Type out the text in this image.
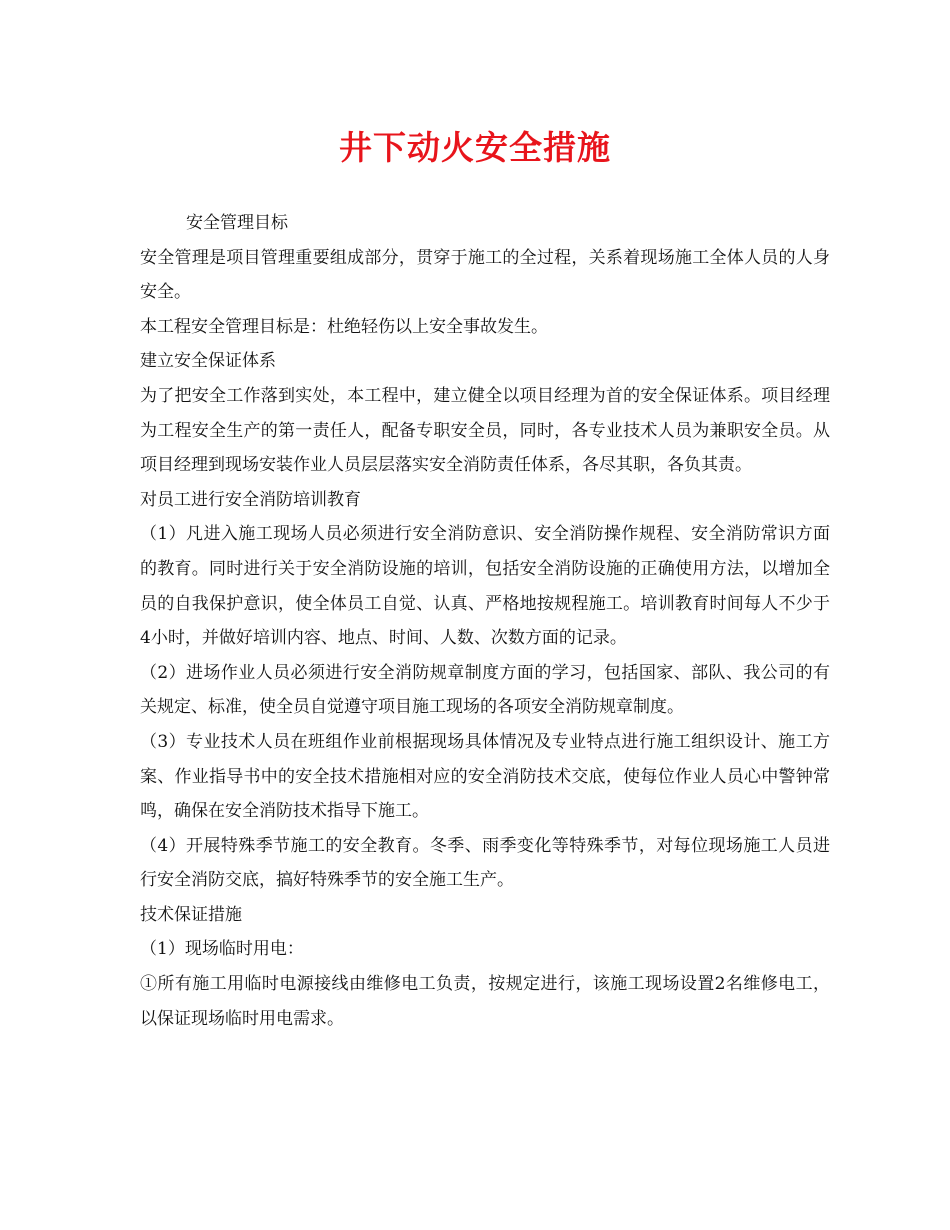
井下动火安全措施

安全管理目标

安全管理是项目管理重要组成部分，贯穿于施工的全过程，关系着现场施工全体人员的人身安全。

本工程安全管理目标是：杜绝轻伤以上安全事故发生。

建立安全保证体系

为了把安全工作落到实处，本工程中，建立健全以项目经理为首的安全保证体系。项目经理为工程安全生产的第一责任人，配备专职安全员，同时，各专业技术人员为兼职安全员。从项目经理到现场安装作业人员层层落实安全消防责任体系，各尽其职，各负其责。

对员工进行安全消防培训教育

（1）凡进入施工现场人员必须进行安全消防意识、安全消防操作规程、安全消防常识方面的教育。同时进行关于安全消防设施的培训，包括安全消防设施的正确使用方法，以增加全员的自我保护意识，使全体员工自觉、认真、严格地按规程施工。培训教育时间每人不少于4小时，并做好培训内容、地点、时间、人数、次数方面的记录。

（2）进场作业人员必须进行安全消防规章制度方面的学习，包括国家、部队、我公司的有关规定、标准，使全员自觉遵守项目施工现场的各项安全消防规章制度。

（3）专业技术人员在班组作业前根据现场具体情况及专业特点进行施工组织设计、施工方案、作业指导书中的安全技术措施相对应的安全消防技术交底，使每位作业人员心中警钟常鸣，确保在安全消防技术指导下施工。

（4）开展特殊季节施工的安全教育。冬季、雨季变化等特殊季节，对每位现场施工人员进行安全消防交底，搞好特殊季节的安全施工生产。

技术保证措施

（1）现场临时用电：

①所有施工用临时电源接线由维修电工负责，按规定进行，该施工现场设置2名维修电工，以保证现场临时用电需求。
